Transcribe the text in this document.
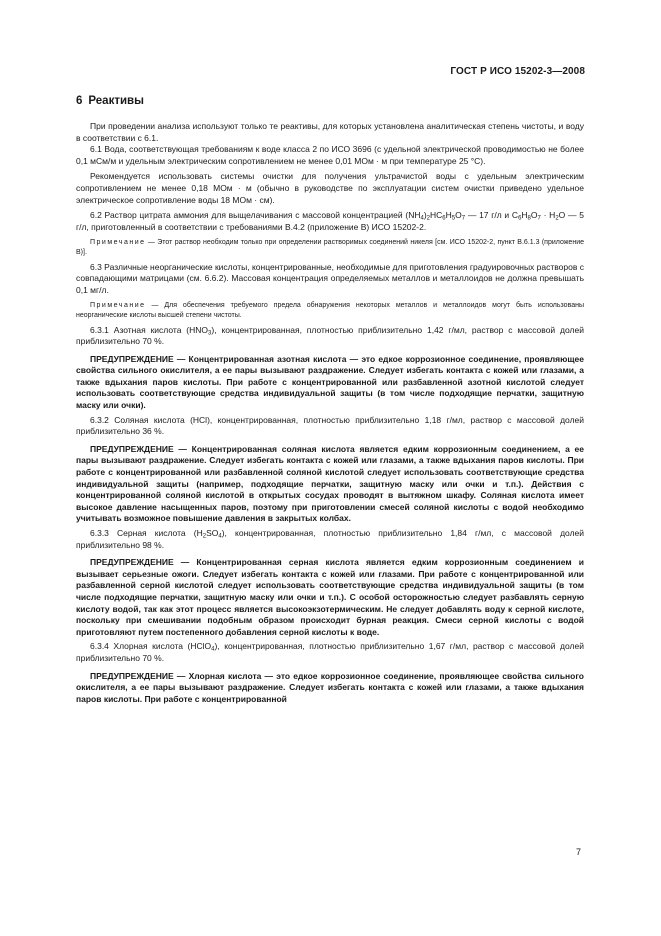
ГОСТ Р ИСО 15202-3—2008
6 Реактивы

При проведении анализа используют только те реактивы, для которых установлена аналитическая степень чистоты, и воду в соответствии с 6.1.

6.1 Вода, соответствующая требованиям к воде класса 2 по ИСО 3696 (с удельной электрической проводимостью не более 0,1 мСм/м и удельным электрическим сопротивлением не менее 0,01 МОм · м при температуре 25 °С).

Рекомендуется использовать системы очистки для получения ультрачистой воды с удельным электрическим сопротивлением не менее 0,18 МОм · м (обычно в руководстве по эксплуатации систем очистки приведено удельное электрическое сопротивление воды 18 МОм · см).

6.2 Раствор цитрата аммония для выщелачивания с массовой концентрацией $(NH_4)_2HC_6H_5O_7$ — 17 г/л и $С_6H_8O_7 \cdot H_2O$ — 5 г/л, приготовленный в соответствии с требованиями В.4.2 (приложение В) ИСО 15202-2.

Примечание — Этот раствор необходим только при определении растворимых соединений никеля [см. ИСО 15202-2, пункт В.6.1.3 (приложение В)].

6.3 Различные неорганические кислоты, концентрированные, необходимые для приготовления градуировочных растворов с совпадающими матрицами (см. 6.6.2). Массовая концентрация определяемых металлов и металлоидов не должна превышать 0,1 мг/л.

Примечание — Для обеспечения требуемого предела обнаружения некоторых металлов и металлоидов могут быть использованы неорганические кислоты высшей степени чистоты.

6.3.1 Азотная кислота $(HNO_3)$, концентрированная, плотностью приблизительно 1,42 г/мл, раствор с массовой долей приблизительно 70 %.

ПРЕДУПРЕЖДЕНИЕ — Концентрированная азотная кислота — это едкое коррозионное соединение, проявляющее свойства сильного окислителя, а ее пары вызывают раздражение. Следует избегать контакта с кожей или глазами, а также вдыхания паров кислоты. При работе с концентрированной или разбавленной азотной кислотой следует использовать соответствующие средства индивидуальной защиты (в том числе подходящие перчатки, защитную маску или очки).

6.3.2 Соляная кислота (HCl), концентрированная, плотностью приблизительно 1,18 г/мл, раствор с массовой долей приблизительно 36 %.

ПРЕДУПРЕЖДЕНИЕ — Концентрированная соляная кислота является едким коррозионным соединением, а ее пары вызывают раздражение. Следует избегать контакта с кожей или глазами, а также вдыхания паров кислоты. При работе с концентрированной или разбавленной соляной кислотой следует использовать соответствующие средства индивидуальной защиты (например, подходящие перчатки, защитную маску или очки и т.п.). Действия с концентрированной соляной кислотой в открытых сосудах проводят в вытяжном шкафу. Соляная кислота имеет высокое давление насыщенных паров, поэтому при приготовлении смесей соляной кислоты с водой необходимо учитывать возможное повышение давления в закрытых колбах.

6.3.3 Серная кислота $(H_2SO_4)$, концентрированная, плотностью приблизительно 1,84 г/мл, с массовой долей приблизительно 98 %.

ПРЕДУПРЕЖДЕНИЕ — Концентрированная серная кислота является едким коррозионным соединением и вызывает серьезные ожоги. Следует избегать контакта с кожей или глазами. При работе с концентрированной или разбавленной серной кислотой следует использовать соответствующие средства индивидуальной защиты (в том числе подходящие перчатки, защитную маску или очки и т.п.). С особой осторожностью следует разбавлять серную кислоту водой, так как этот процесс является высокоэкзотермическим. Не следует добавлять воду к серной кислоте, поскольку при смешивании подобным образом происходит бурная реакция. Смеси серной кислоты с водой приготовляют путем постепенного добавления серной кислоты к воде.

6.3.4 Хлорная кислота (HClO$_4$), концентрированная, плотностью приблизительно 1,67 г/мл, раствор с массовой долей приблизительно 70 %.

ПРЕДУПРЕЖДЕНИЕ — Хлорная кислота — это едкое коррозионное соединение, проявляющее свойства сильного окислителя, а ее пары вызывают раздражение. Следует избегать контакта с кожей или глазами, а также вдыхания паров кислоты. При работе с концентрированной

7
